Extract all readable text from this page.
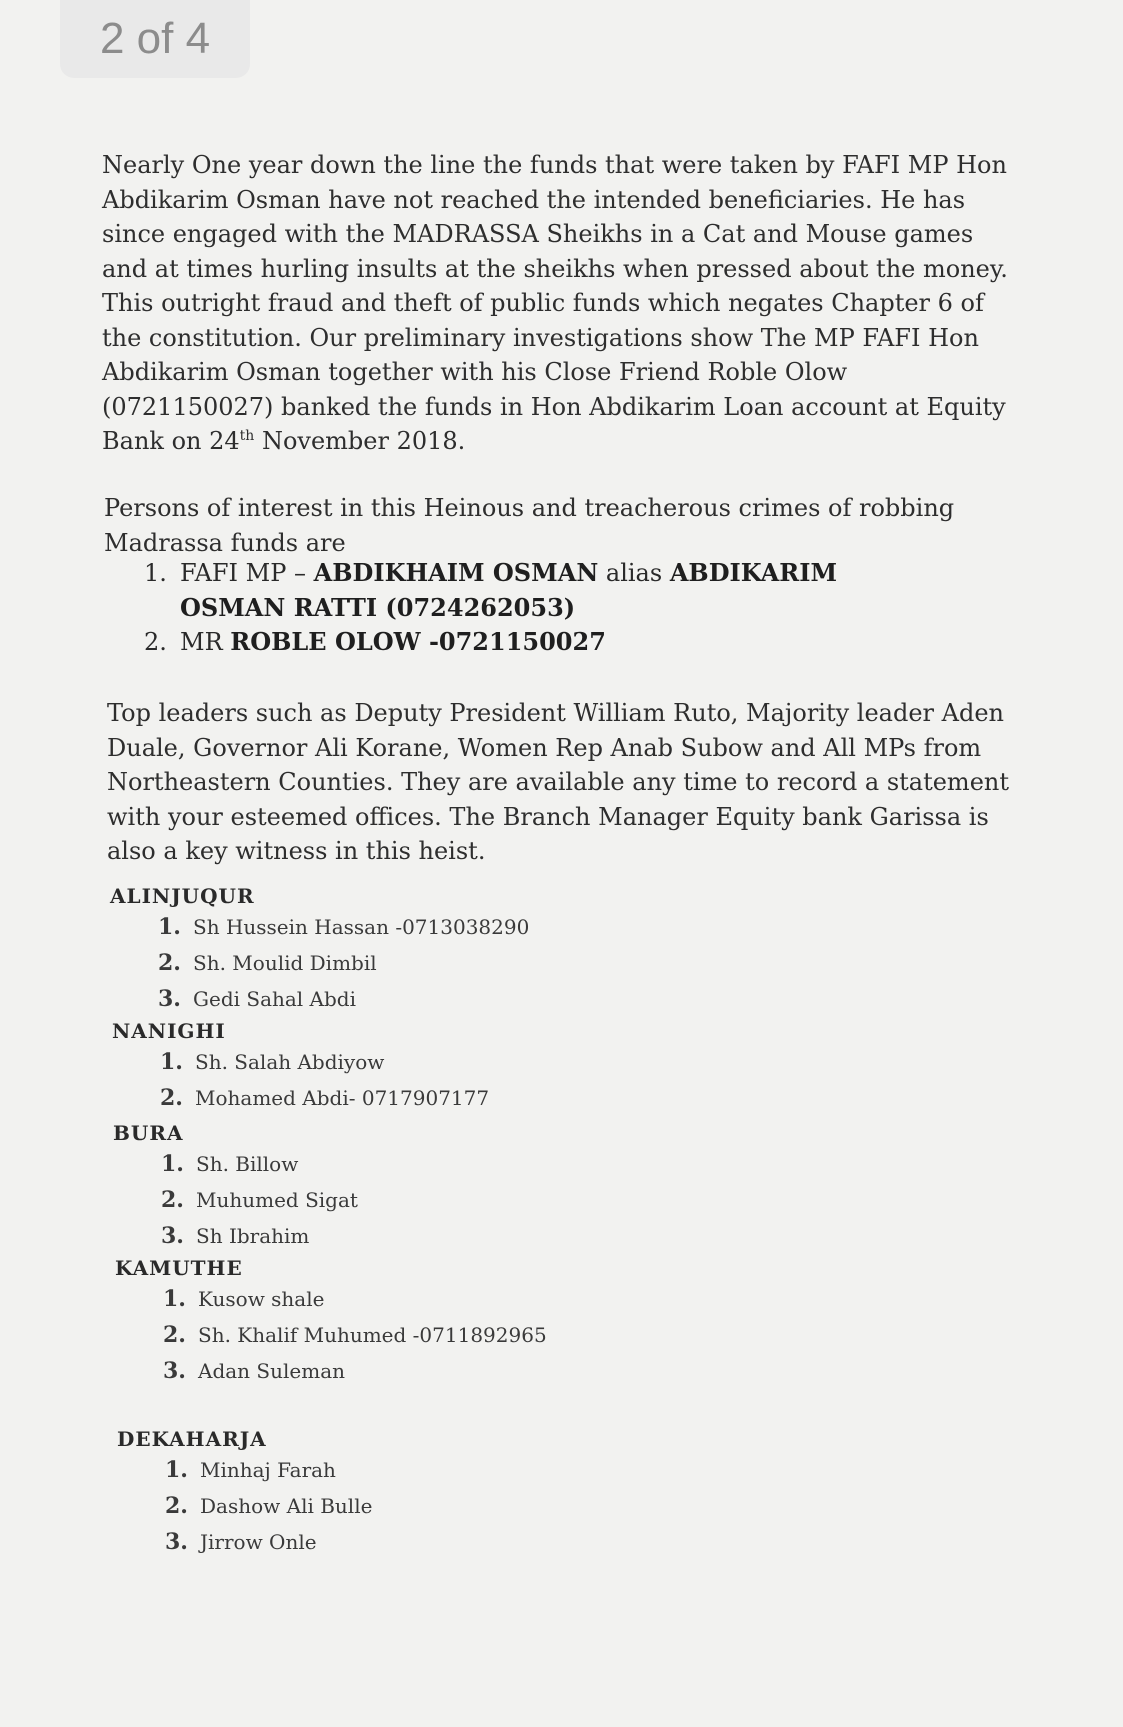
2 of 4

Nearly One year down the line the funds that were taken by FAFI MP Hon Abdikarim Osman have not reached the intended beneficiaries. He has since engaged with the MADRASSA Sheikhs in a Cat and Mouse games and at times hurling insults at the sheikhs when pressed about the money. This outright fraud and theft of public funds which negates Chapter 6 of the constitution. Our preliminary investigations show The MP FAFI Hon Abdikarim Osman together with his Close Friend Roble Olow (0721150027) banked the funds in Hon Abdikarim Loan account at Equity Bank on 24th November 2018.

Persons of interest in this Heinous and treacherous crimes of robbing Madrassa funds are

1. FAFI MP – ABDIKHAIM OSMAN alias ABDIKARIM OSMAN RATTI (0724262053)
2. MR ROBLE OLOW -0721150027

Top leaders such as Deputy President William Ruto, Majority leader Aden Duale, Governor Ali Korane, Women Rep Anab Subow and All MPs from Northeastern Counties. They are available any time to record a statement with your esteemed offices. The Branch Manager Equity bank Garissa is also a key witness in this heist.

ALINJUQUR
1. Sh Hussein Hassan -0713038290
2. Sh. Moulid Dimbil
3. Gedi Sahal Abdi
NANIGHI
1. Sh. Salah Abdiyow
2. Mohamed Abdi- 0717907177
BURA
1. Sh. Billow
2. Muhumed Sigat
3. Sh Ibrahim
KAMUTHE
1. Kusow shale
2. Sh. Khalif Muhumed -0711892965
3. Adan Suleman
DEKAHARJA
1. Minhaj Farah
2. Dashow Ali Bulle
3. Jirrow Onle
